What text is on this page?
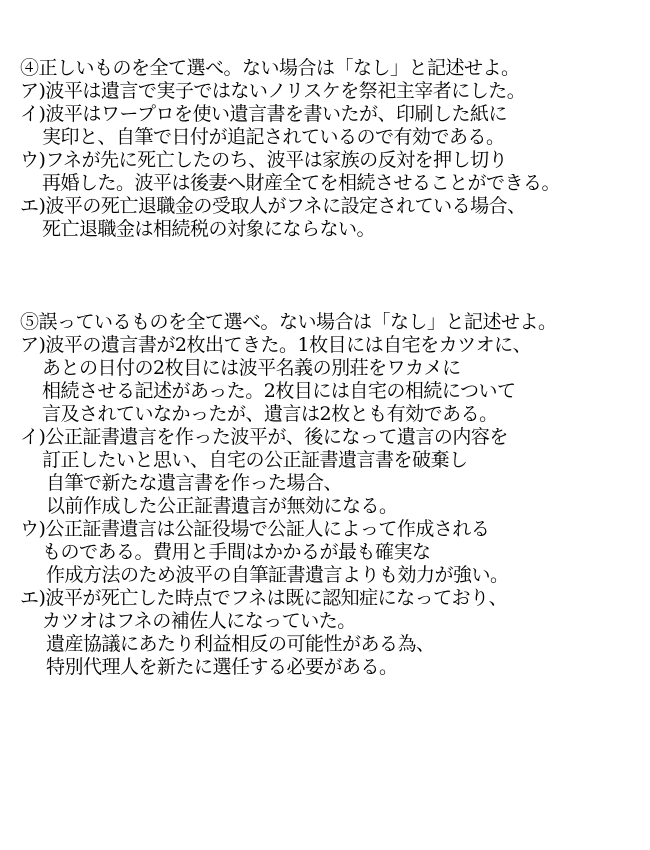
④正しいものを全て選べ。ない場合は「なし」と記述せよ。
ア)波平は遺言で実子ではないノリスケを祭祀主宰者にした。
イ)波平はワープロを使い遺言書を書いたが、印刷した紙に
実印と、自筆で日付が追記されているので有効である。
ウ)フネが先に死亡したのち、波平は家族の反対を押し切り
再婚した。波平は後妻へ財産全てを相続させることができる。
エ)波平の死亡退職金の受取人がフネに設定されている場合、
死亡退職金は相続税の対象にならない。
⑤誤っているものを全て選べ。ない場合は「なし」と記述せよ。
ア)波平の遺言書が2枚出てきた。1枚目には自宅をカツオに、
あとの日付の2枚目には波平名義の別荘をワカメに
相続させる記述があった。2枚目には自宅の相続について
言及されていなかったが、遺言は2枚とも有効である。
イ)公正証書遺言を作った波平が、後になって遺言の内容を
訂正したいと思い、自宅の公正証書遺言書を破棄し
自筆で新たな遺言書を作った場合、
以前作成した公正証書遺言が無効になる。
ウ)公正証書遺言は公証役場で公証人によって作成される
ものである。費用と手間はかかるが最も確実な
作成方法のため波平の自筆証書遺言よりも効力が強い。
エ)波平が死亡した時点でフネは既に認知症になっており、
カツオはフネの補佐人になっていた。
遺産協議にあたり利益相反の可能性がある為、
特別代理人を新たに選任する必要がある。
